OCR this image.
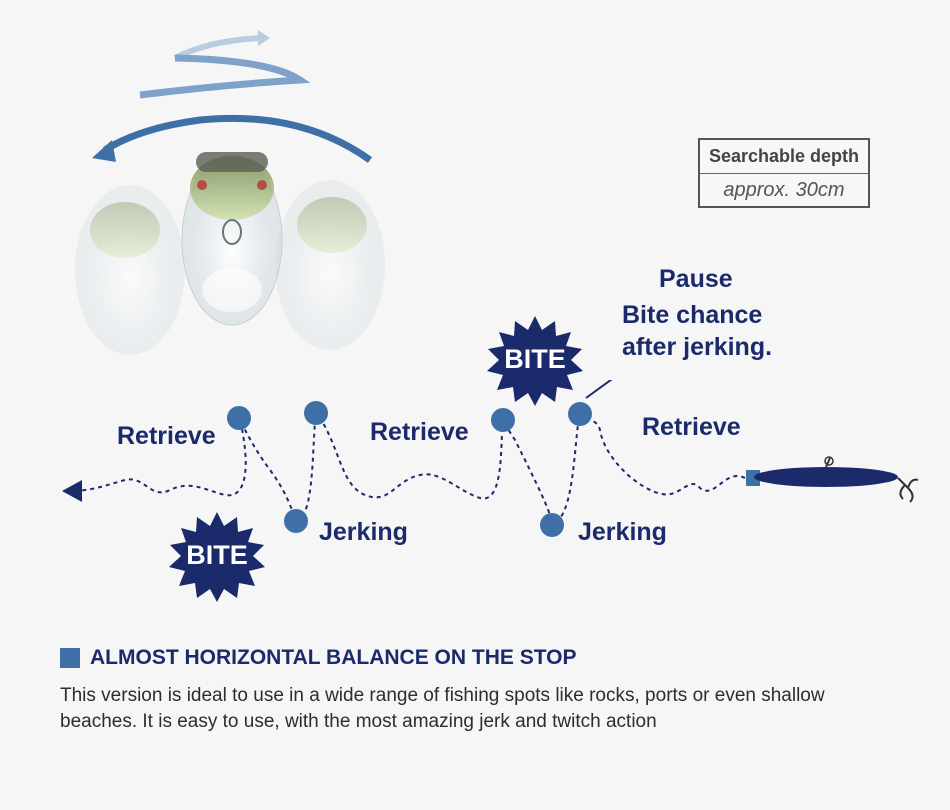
BITE
BITE
Retrieve	Retrieve	Retrieve
Jerking	Jerking
Pause
Bite chance
after jerking.
Searchable depth
approx. 30cm
ALMOST HORIZONTAL BALANCE ON THE STOP
This version is ideal to use in a wide range of fishing spots like rocks, ports or even shallow beaches. It is easy to use, with the most amazing jerk and twitch action
